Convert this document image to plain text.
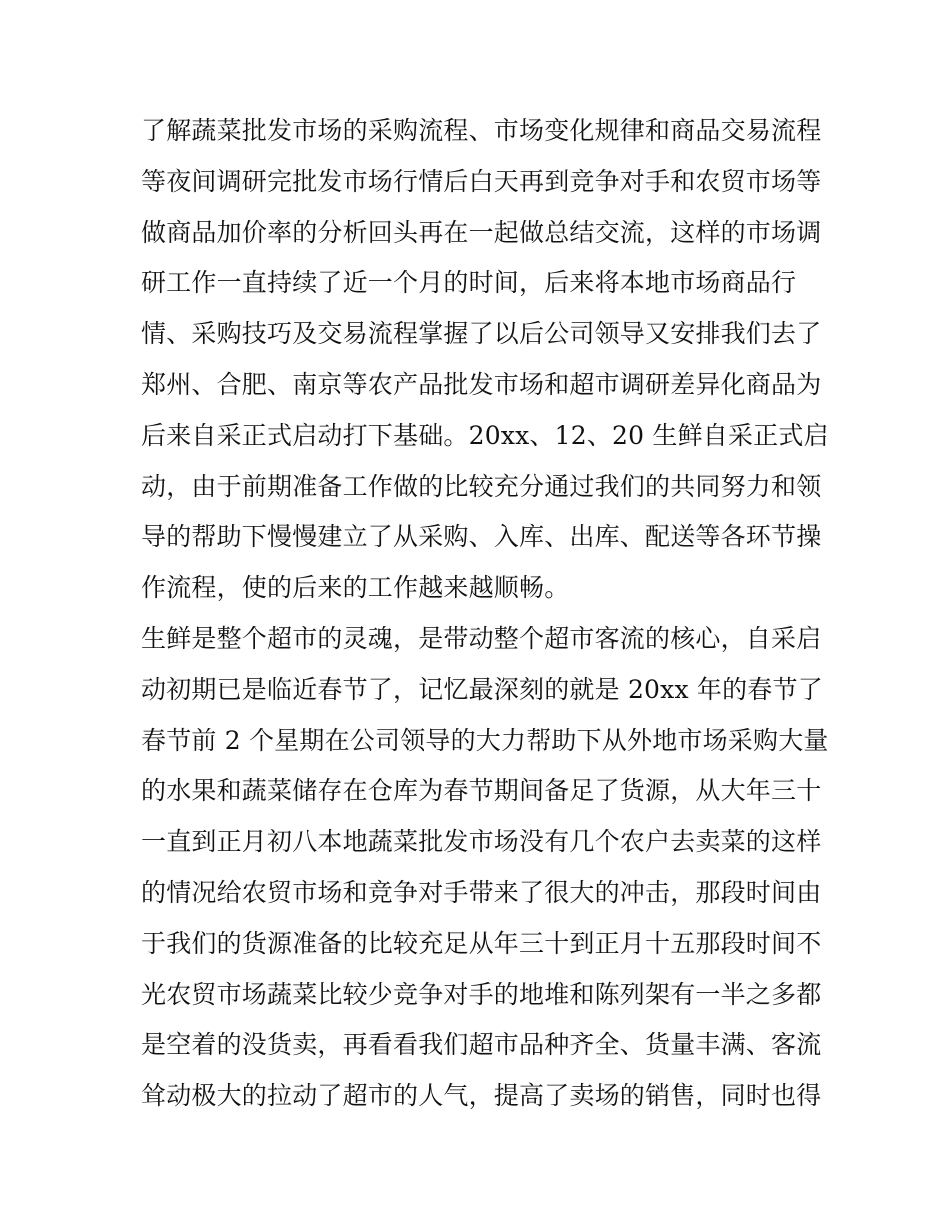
了解蔬菜批发市场的采购流程、市场变化规律和商品交易流程
等夜间调研完批发市场行情后白天再到竞争对手和农贸市场等
做商品加价率的分析回头再在一起做总结交流，这样的市场调
研工作一直持续了近一个月的时间，后来将本地市场商品行
情、采购技巧及交易流程掌握了以后公司领导又安排我们去了
郑州、合肥、南京等农产品批发市场和超市调研差异化商品为
后来自采正式启动打下基础。20xx、12、20 生鲜自采正式启
动，由于前期准备工作做的比较充分通过我们的共同努力和领
导的帮助下慢慢建立了从采购、入库、出库、配送等各环节操
作流程，使的后来的工作越来越顺畅。
生鲜是整个超市的灵魂，是带动整个超市客流的核心，自采启
动初期已是临近春节了，记忆最深刻的就是 20xx 年的春节了
春节前 2 个星期在公司领导的大力帮助下从外地市场采购大量
的水果和蔬菜储存在仓库为春节期间备足了货源，从大年三十
一直到正月初八本地蔬菜批发市场没有几个农户去卖菜的这样
的情况给农贸市场和竞争对手带来了很大的冲击，那段时间由
于我们的货源准备的比较充足从年三十到正月十五那段时间不
光农贸市场蔬菜比较少竞争对手的地堆和陈列架有一半之多都
是空着的没货卖，再看看我们超市品种齐全、货量丰满、客流
耸动极大的拉动了超市的人气，提高了卖场的销售，同时也得
